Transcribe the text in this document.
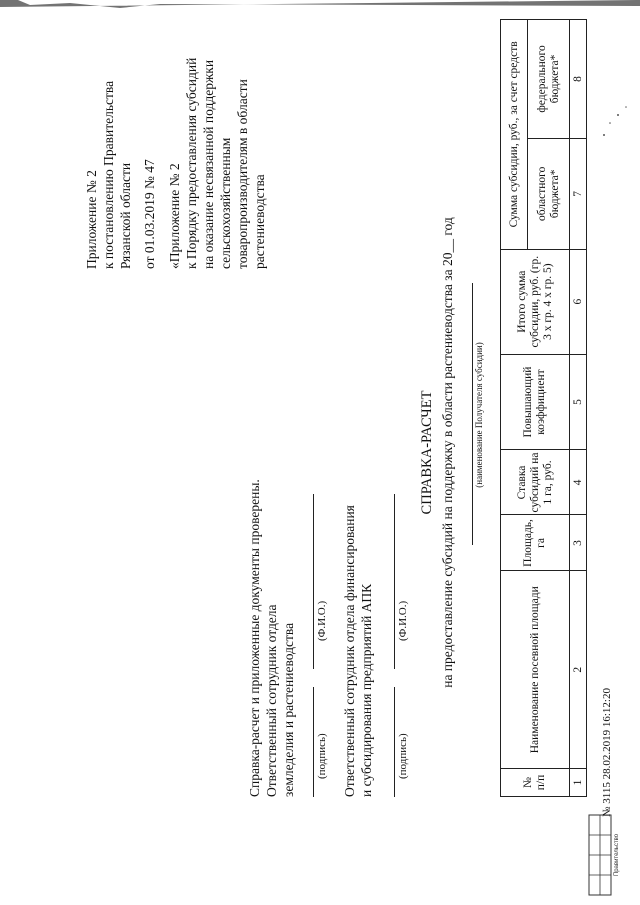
Приложение № 2 к постановлению Правительства Рязанской области от 01.03.2019 № 47 «Приложение № 2 к Порядку предоставления субсидий на оказание несвязанной поддержки сельскохозяйственным товаропроизводителям в области растениеводства
Справка-расчет и приложенные документы проверены. Ответственный сотрудник отдела земледелия и растениеводства (подпись)
(Ф.И.О.) Ответственный сотрудник отдела финансирования и субсидирования предприятий АПК (подпись)
(Ф.И.О.)
СПРАВКА-РАСЧЕТ на предоставление субсидий на поддержку в области растениеводства за 20__ год (наименование Получателя субсидии)
№ п/п	Наименование посевной площади	Площадь, га	Ставка субсидий на 1 га, руб.	Повышающий коэффициент	Итого сумма субсидии, руб. (гр. 3 х гр. 4 х гр. 5)	Сумма субсидии, руб., за счет средств	
						областного бюджета*	федерального бюджета*
1	2	3	4	5	6	7	8
Правительство
№ 3115 28.02.2019 16:12:20
